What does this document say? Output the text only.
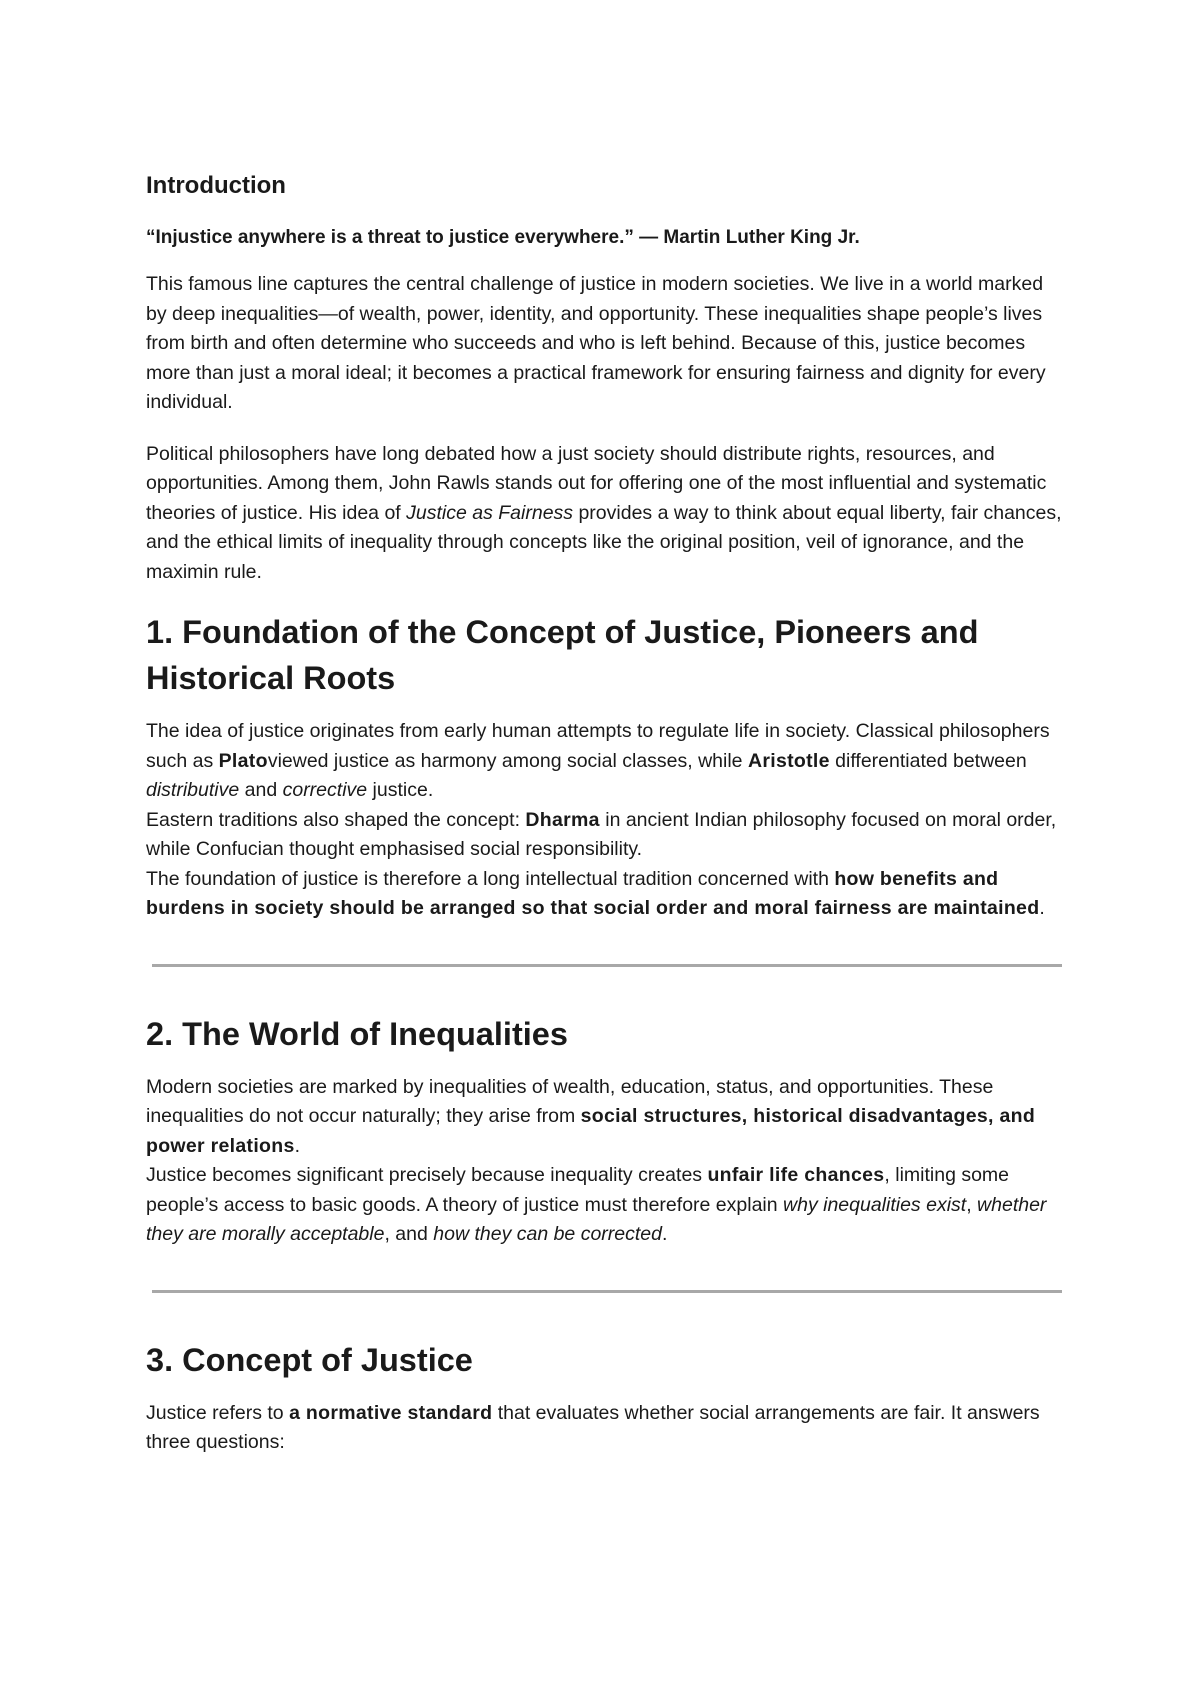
Introduction
“Injustice anywhere is a threat to justice everywhere.” — Martin Luther King Jr.

This famous line captures the central challenge of justice in modern societies. We live in a world marked by deep inequalities—of wealth, power, identity, and opportunity. These inequalities shape people’s lives from birth and often determine who succeeds and who is left behind. Because of this, justice becomes more than just a moral ideal; it becomes a practical framework for ensuring fairness and dignity for every individual.

Political philosophers have long debated how a just society should distribute rights, resources, and opportunities. Among them, John Rawls stands out for offering one of the most influential and systematic theories of justice. His idea of Justice as Fairness provides a way to think about equal liberty, fair chances, and the ethical limits of inequality through concepts like the original position, veil of ignorance, and the maximin rule.

1. Foundation of the Concept of Justice, Pioneers and Historical Roots

The idea of justice originates from early human attempts to regulate life in society. Classical philosophers such as Platoviewed justice as harmony among social classes, while Aristotle differentiated between distributive and corrective justice.

Eastern traditions also shaped the concept: Dharma in ancient Indian philosophy focused on moral order, while Confucian thought emphasised social responsibility.

The foundation of justice is therefore a long intellectual tradition concerned with how benefits and burdens in society should be arranged so that social order and moral fairness are maintained.

2. The World of Inequalities

Modern societies are marked by inequalities of wealth, education, status, and opportunities. These inequalities do not occur naturally; they arise from social structures, historical disadvantages, and power relations.

Justice becomes significant precisely because inequality creates unfair life chances, limiting some people’s access to basic goods. A theory of justice must therefore explain why inequalities exist, whether they are morally acceptable, and how they can be corrected.

3. Concept of Justice

Justice refers to a normative standard that evaluates whether social arrangements are fair. It answers three questions:
